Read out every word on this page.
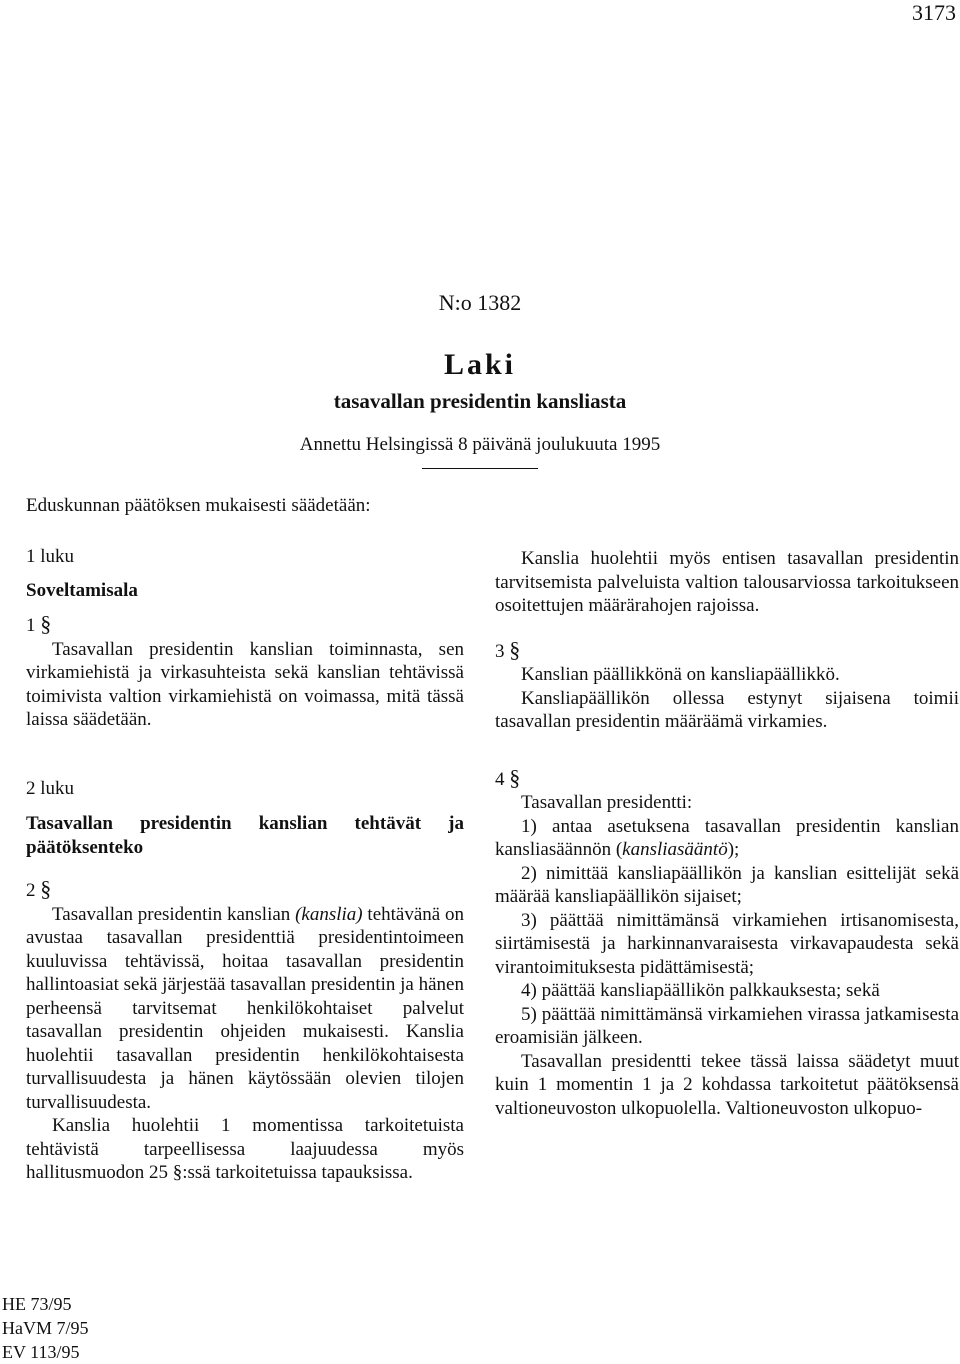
3173
N:o 1382
Laki
tasavallan presidentin kansliasta
Annettu Helsingissä 8 päivänä joulukuuta 1995
Eduskunnan päätöksen mukaisesti säädetään:

1 luku

Soveltamisala

1 §

Tasavallan presidentin kanslian toiminnasta, sen virkamiehistä ja virkasuhteista sekä kanslian tehtävissä toimivista valtion virkamiehistä on voimassa, mitä tässä laissa säädetään.

2 luku

Tasavallan presidentin kanslian tehtävät ja päätöksenteko

2 §

Tasavallan presidentin kanslian (kanslia) tehtävänä on avustaa tasavallan presidenttiä presidentintoimeen kuuluvissa tehtävissä, hoitaa tasavallan presidentin hallintoasiat sekä järjestää tasavallan presidentin ja hänen perheensä tarvitsemat henkilökohtaiset palvelut tasavallan presidentin ohjeiden mukaisesti. Kanslia huolehtii tasavallan presidentin henkilökohtaisesta turvallisuudesta ja hänen käytössään olevien tilojen turvallisuudesta.

Kanslia huolehtii 1 momentissa tarkoitetuista tehtävistä tarpeellisessa laajuudessa myös hallitusmuodon 25 §:ssä tarkoitetuissa tapauksissa.

Kanslia huolehtii myös entisen tasavallan presidentin tarvitsemista palveluista valtion talousarviossa tarkoitukseen osoitettujen määrärahojen rajoissa.

3 §

Kanslian päällikkönä on kansliapäällikkö.

Kansliapäällikön ollessa estynyt sijaisena toimii tasavallan presidentin määräämä virkamies.

4 §

Tasavallan presidentti:

1) antaa asetuksena tasavallan presidentin kanslian kansliasäännön (kansliasääntö);

2) nimittää kansliapäällikön ja kanslian esittelijät sekä määrää kansliapäällikön sijaiset;

3) päättää nimittämänsä virkamiehen irtisanomisesta, siirtämisestä ja harkinnanvaraisesta virkavapaudesta sekä virantoimituksesta pidättämisestä;

4) päättää kansliapäällikön palkkauksesta; sekä

5) päättää nimittämänsä virkamiehen virassa jatkamisesta eroamisiän jälkeen.

Tasavallan presidentti tekee tässä laissa säädetyt muut kuin 1 momentin 1 ja 2 kohdassa tarkoitetut päätöksensä valtioneuvoston ulkopuolella. Valtioneuvoston ulkopuo-

HE 73/95
HaVM 7/95
EV 113/95
